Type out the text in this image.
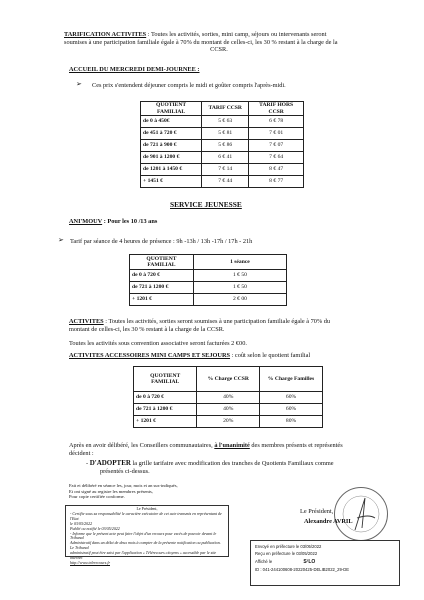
TARIFICATION ACTIVITES : Toutes les activités, sorties, mini camp, séjours ou intervenants seront
soumises à une participation familiale égale à 70% du montant de celles-ci, les 30 % restant à la charge de la

CCSR.
ACCUEIL DU MERCREDI DEMI-JOURNEE :
➢ Ces prix s'entendent déjeuner compris le midi et goûter compris l'après-midi.
QUOTIENT FAMILIAL	TARIF CCSR	TARIF HORS CCSR
de 0 à 450€	5 € 63	6 € 78
de 451 à 720 €	5 € 81	7 € 01
de 721 à 900 €	5 € 86	7 € 07
de 901 à 1200 €	6 € 41	7 € 64
de 1201 à 1450 €	7 € 14	8 € 47
+ 1451 €	7 € 44	8 € 77
SERVICE JEUNESSE
ANI'MOUV : Pour les 10 /13 ans
➢ Tarif par séance de 4 heures de présence : 9h -13h / 13h -17h / 17h - 21h
QUOTIENT FAMILIAL	1 séance
de 0 à 720 €	1 € 50
de 721 à 1200 €	1 € 50
+ 1201 €	2 € 00
ACTIVITES : Toutes les activités, sorties seront soumises à une participation familiale égale à 70% du
montant de celles-ci, les 30 % restant à la charge de la CCSR.
Toutes les activités sous convention associative seront facturées 2 €00.
ACTIVITES ACCESSOIRES MINI CAMPS ET SEJOURS : coût selon le quotient familial
QUOTIENT FAMILIAL	% Charge CCSR	% Charge Familles
de 0 à 720 €	40%	60%
de 721 à 1200 €	40%	60%
+ 1201 €	20%	80%
Après en avoir délibéré, les Conseillers communautaires, à l'unanimité des membres présents et représentés
décident :
- D'ADOPTER la grille tarifaire avec modification des tranches de Quotients Familiaux comme
présentés ci-dessus.
Fait et délibéré en séance les, jour, mois et an sus-indiqués,
Et ont signé au registre les membres présents,
Pour copie certifiée conforme.
Le Président,
- Certifie sous sa responsabilité le caractère exécutoire de cet acte transmis en représentant de l'Etat
le 03/05/2022
Publié ou notifié le 03/05/2022
- Informe que le présent acte peut faire l'objet d'un recours pour excès de pouvoir devant le Tribunal
Administratif dans un délai de deux mois à compter de la présente notification ou publication. Le Tribunal
administratif peut être saisi par l'application « Télérecours citoyens » accessible par le site internet
http://www.telerecours.fr
Le Président,
Alexandre AVRIL
Envoyé en préfecture le 03/05/2022
Reçu en préfecture le 03/05/2022
Affiché le	S²LO
ID : 041-244100608-20220425-DELIB2022_29-DE
